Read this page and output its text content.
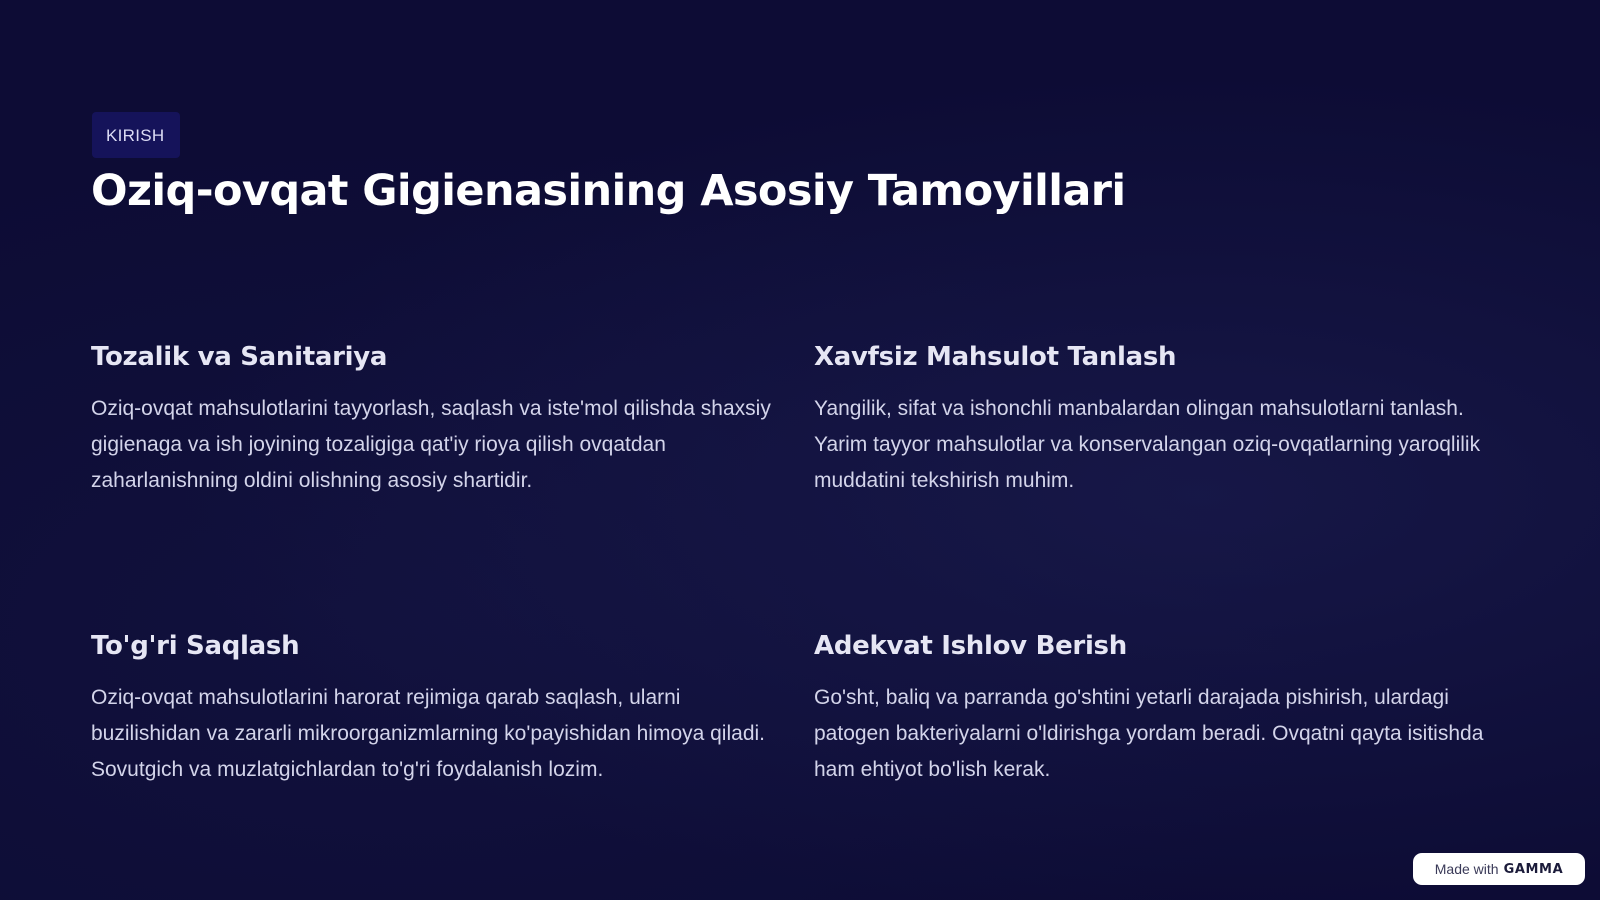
KIRISH
Oziq-ovqat Gigienasining Asosiy Tamoyillari
Tozalik va Sanitariya

Oziq-ovqat mahsulotlarini tayyorlash, saqlash va iste'mol qilishda shaxsiy gigienaga va ish joyining tozaligiga qat'iy rioya qilish ovqatdan zaharlanishning oldini olishning asosiy shartidir.

Xavfsiz Mahsulot Tanlash

Yangilik, sifat va ishonchli manbalardan olingan mahsulotlarni tanlash. Yarim tayyor mahsulotlar va konservalangan oziq-ovqatlarning yaroqlilik muddatini tekshirish muhim.

To'g'ri Saqlash

Oziq-ovqat mahsulotlarini harorat rejimiga qarab saqlash, ularni buzilishidan va zararli mikroorganizmlarning ko'payishidan himoya qiladi. Sovutgich va muzlatgichlardan to'g'ri foydalanish lozim.

Adekvat Ishlov Berish

Go'sht, baliq va parranda go'shtini yetarli darajada pishirish, ulardagi patogen bakteriyalarni o'ldirishga yordam beradi. Ovqatni qayta isitishda ham ehtiyot bo'lish kerak.

Made with GAMMA
